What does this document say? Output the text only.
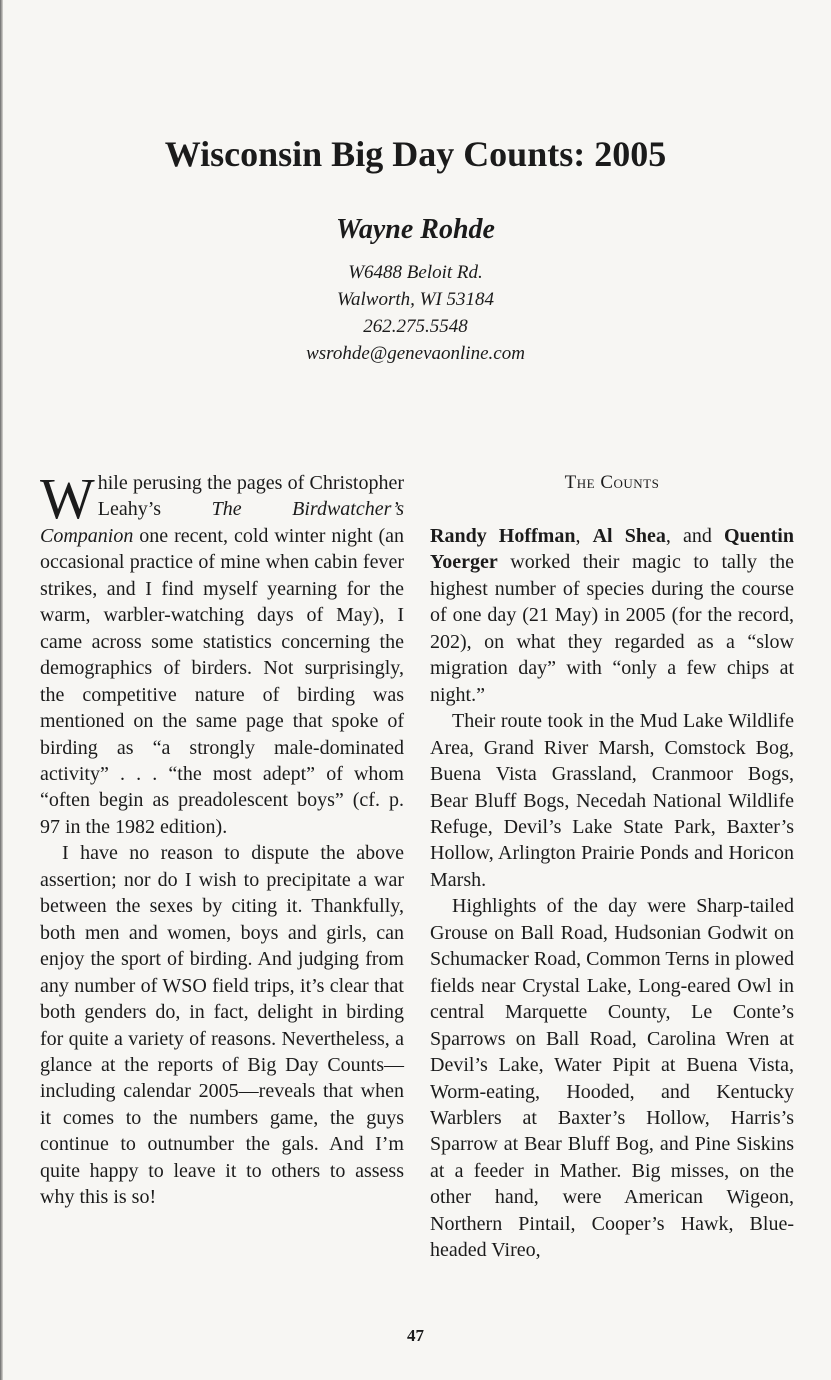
Wisconsin Big Day Counts: 2005
Wayne Rohde
W6488 Beloit Rd.
Walworth, WI 53184
262.275.5548
wsrohde@genevaonline.com

While perusing the pages of Christopher Leahy’s The Birdwatcher’s Companion one recent, cold winter night (an occasional practice of mine when cabin fever strikes, and I find myself yearning for the warm, warbler-watching days of May), I came across some statistics concerning the demographics of birders. Not surprisingly, the competitive nature of birding was mentioned on the same page that spoke of birding as “a strongly male-dominated activity” . . . “the most adept” of whom “often begin as preadolescent boys” (cf. p. 97 in the 1982 edition).

I have no reason to dispute the above assertion; nor do I wish to precipitate a war between the sexes by citing it. Thankfully, both men and women, boys and girls, can enjoy the sport of birding. And judging from any number of WSO field trips, it’s clear that both genders do, in fact, delight in birding for quite a variety of reasons. Nevertheless, a glance at the reports of Big Day Counts—including calendar 2005—reveals that when it comes to the numbers game, the guys continue to outnumber the gals. And I’m quite happy to leave it to others to assess why this is so!

The Counts

Randy Hoffman, Al Shea, and Quentin Yoerger worked their magic to tally the highest number of species during the course of one day (21 May) in 2005 (for the record, 202), on what they regarded as a “slow migration day” with “only a few chips at night.”

Their route took in the Mud Lake Wildlife Area, Grand River Marsh, Comstock Bog, Buena Vista Grassland, Cranmoor Bogs, Bear Bluff Bogs, Necedah National Wildlife Refuge, Devil’s Lake State Park, Baxter’s Hollow, Arlington Prairie Ponds and Horicon Marsh.

Highlights of the day were Sharp-tailed Grouse on Ball Road, Hudsonian Godwit on Schumacker Road, Common Terns in plowed fields near Crystal Lake, Long-eared Owl in central Marquette County, Le Conte’s Sparrows on Ball Road, Carolina Wren at Devil’s Lake, Water Pipit at Buena Vista, Worm-eating, Hooded, and Kentucky Warblers at Baxter’s Hollow, Harris’s Sparrow at Bear Bluff Bog, and Pine Siskins at a feeder in Mather. Big misses, on the other hand, were American Wigeon, Northern Pintail, Cooper’s Hawk, Blue-headed Vireo,

47
